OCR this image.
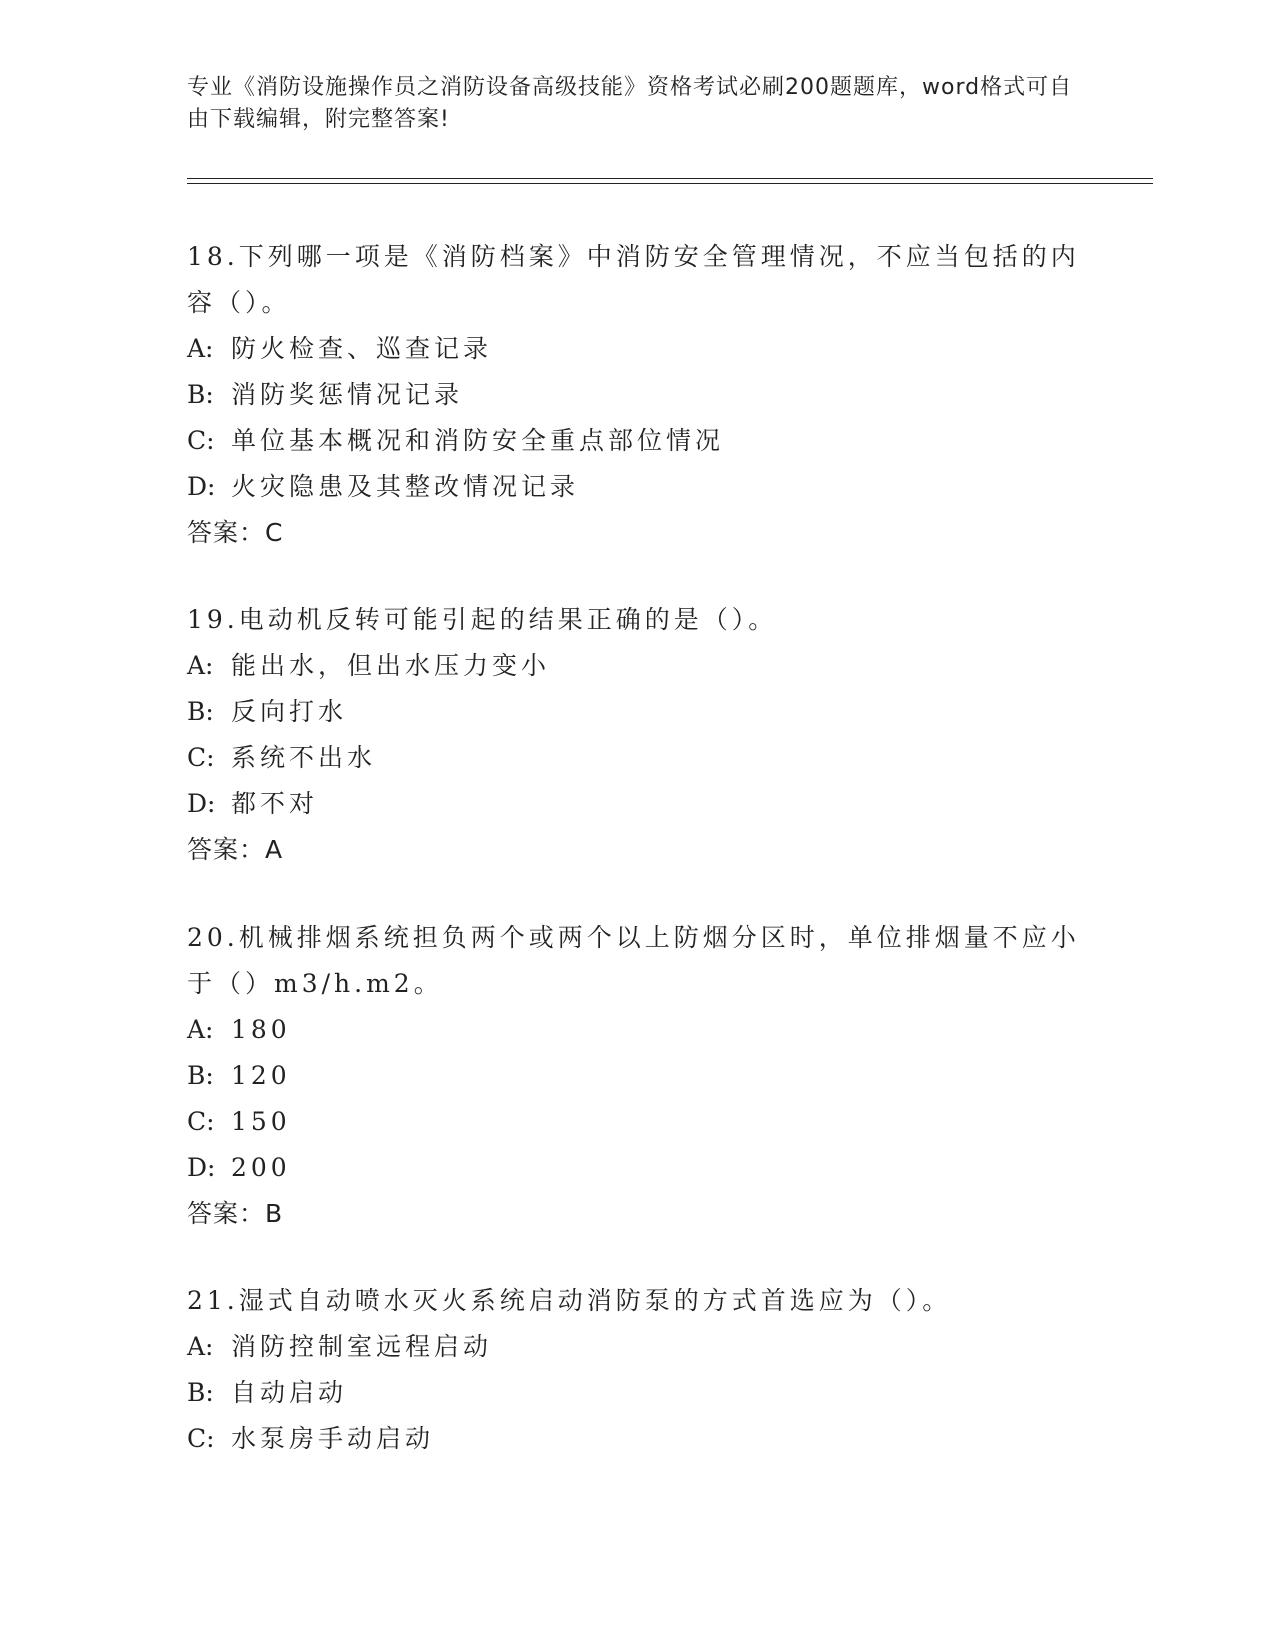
专业《消防设施操作员之消防设备高级技能》资格考试必刷200题题库，word格式可自由下载编辑，附完整答案!
18.下列哪一项是《消防档案》中消防安全管理情况，不应当包括的内容（）。
A: 防火检查、巡查记录
B: 消防奖惩情况记录
C: 单位基本概况和消防安全重点部位情况
D: 火灾隐患及其整改情况记录
答案：C
19.电动机反转可能引起的结果正确的是（）。
A: 能出水，但出水压力变小
B: 反向打水
C: 系统不出水
D: 都不对
答案：A
20.机械排烟系统担负两个或两个以上防烟分区时，单位排烟量不应小于（）m3/h.m2。
A: 180
B: 120
C: 150
D: 200
答案：B
21.湿式自动喷水灭火系统启动消防泵的方式首选应为（）。
A: 消防控制室远程启动
B: 自动启动
C: 水泵房手动启动
